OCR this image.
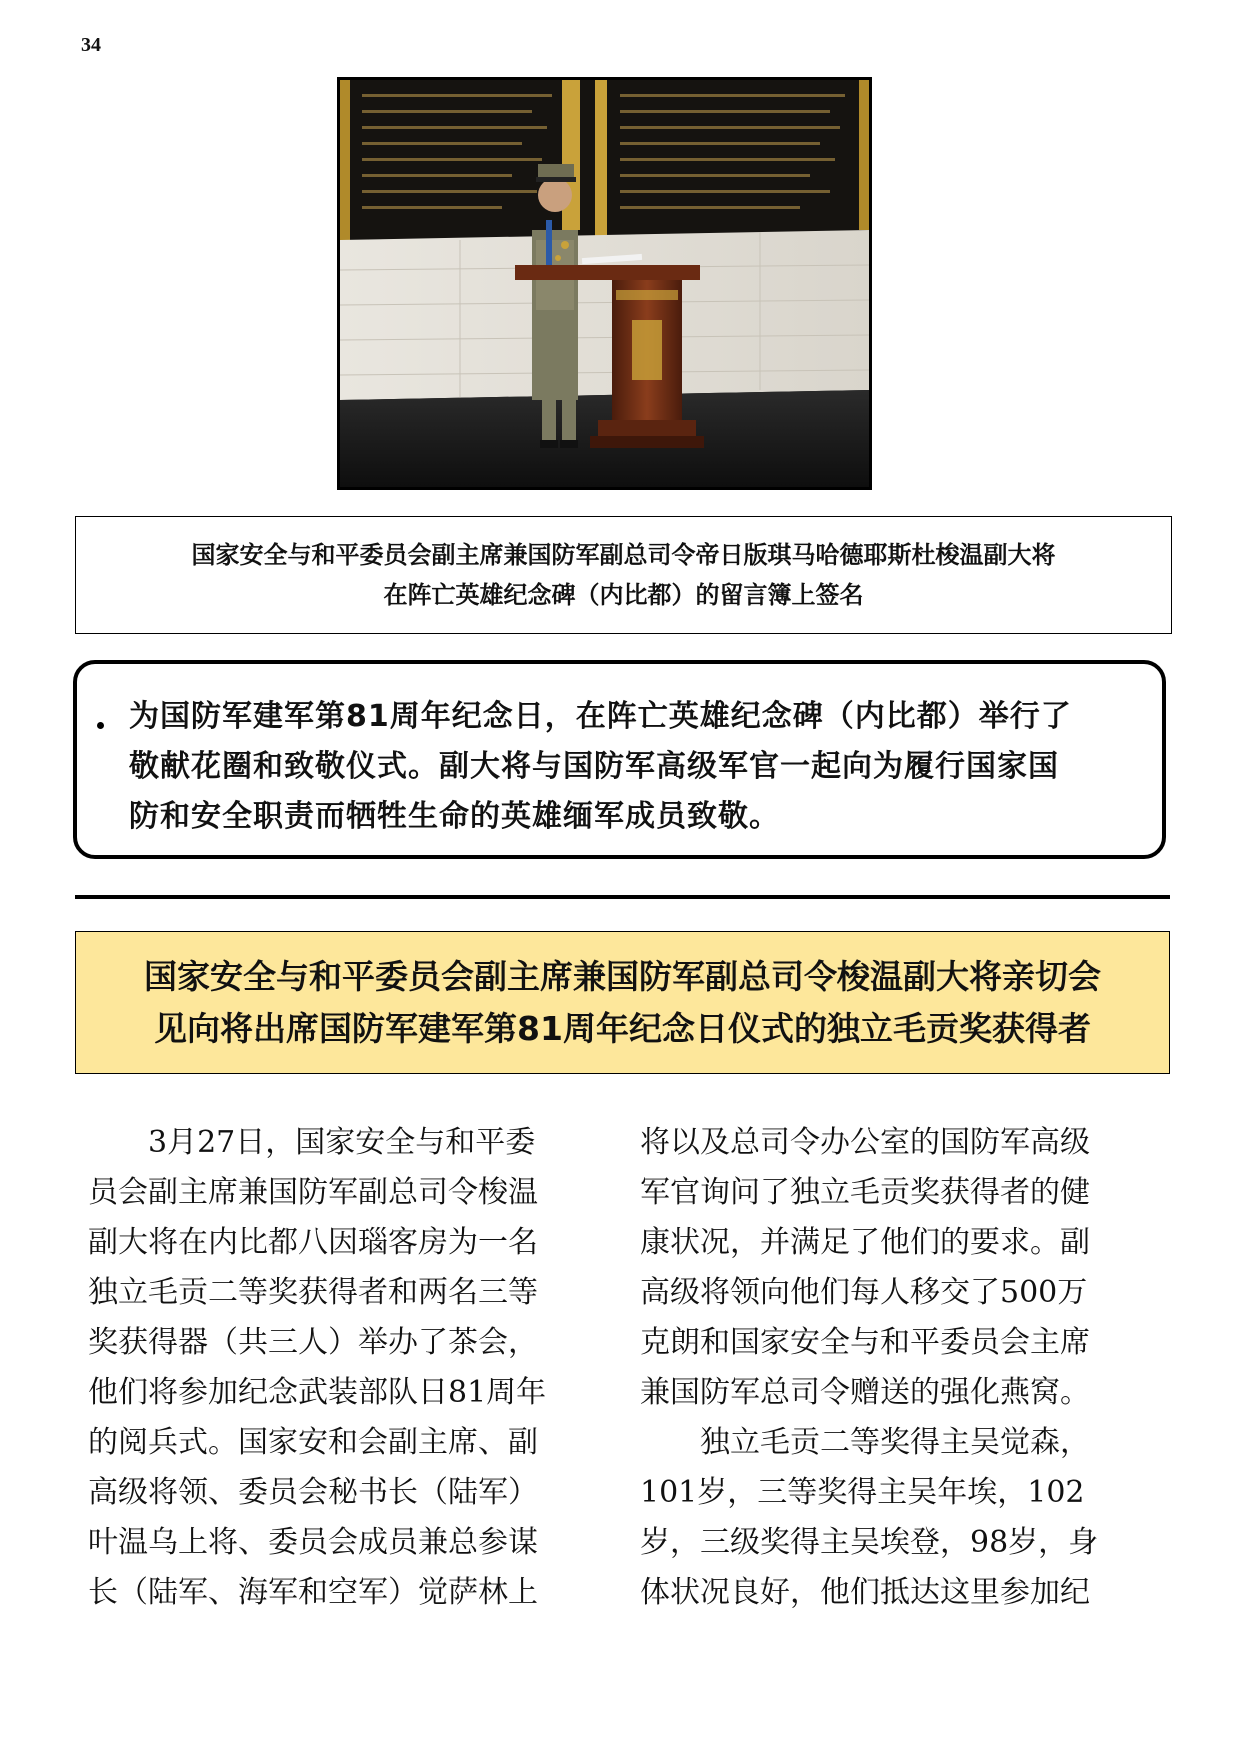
34
国家安全与和平委员会副主席兼国防军副总司令帝日版琪马哈德耶斯杜梭温副大将
在阵亡英雄纪念碑（内比都）的留言簿上签名
为国防军建军第81周年纪念日，在阵亡英雄纪念碑（内比都）举行了
敬献花圈和致敬仪式。副大将与国防军高级军官一起向为履行国家国
防和安全职责而牺牲生命的英雄缅军成员致敬。
国家安全与和平委员会副主席兼国防军副总司令梭温副大将亲切会
见向将出席国防军建军第81周年纪念日仪式的独立毛贡奖获得者
　　3月27日，国家安全与和平委
员会副主席兼国防军副总司令梭温
副大将在内比都八因瑙客房为一名
独立毛贡二等奖获得者和两名三等
奖获得器（共三人）举办了茶会，
他们将参加纪念武装部队日81周年
的阅兵式。国家安和会副主席、副
高级将领、委员会秘书长（陆军）
叶温乌上将、委员会成员兼总参谋
长（陆军、海军和空军）觉萨林上
将以及总司令办公室的国防军高级
军官询问了独立毛贡奖获得者的健
康状况，并满足了他们的要求。副
高级将领向他们每人移交了500万
克朗和国家安全与和平委员会主席
兼国防军总司令赠送的强化燕窝。
　　独立毛贡二等奖得主吴觉森，
101岁，三等奖得主吴年埃，102
岁，三级奖得主吴埃登，98岁，身
体状况良好，他们抵达这里参加纪
